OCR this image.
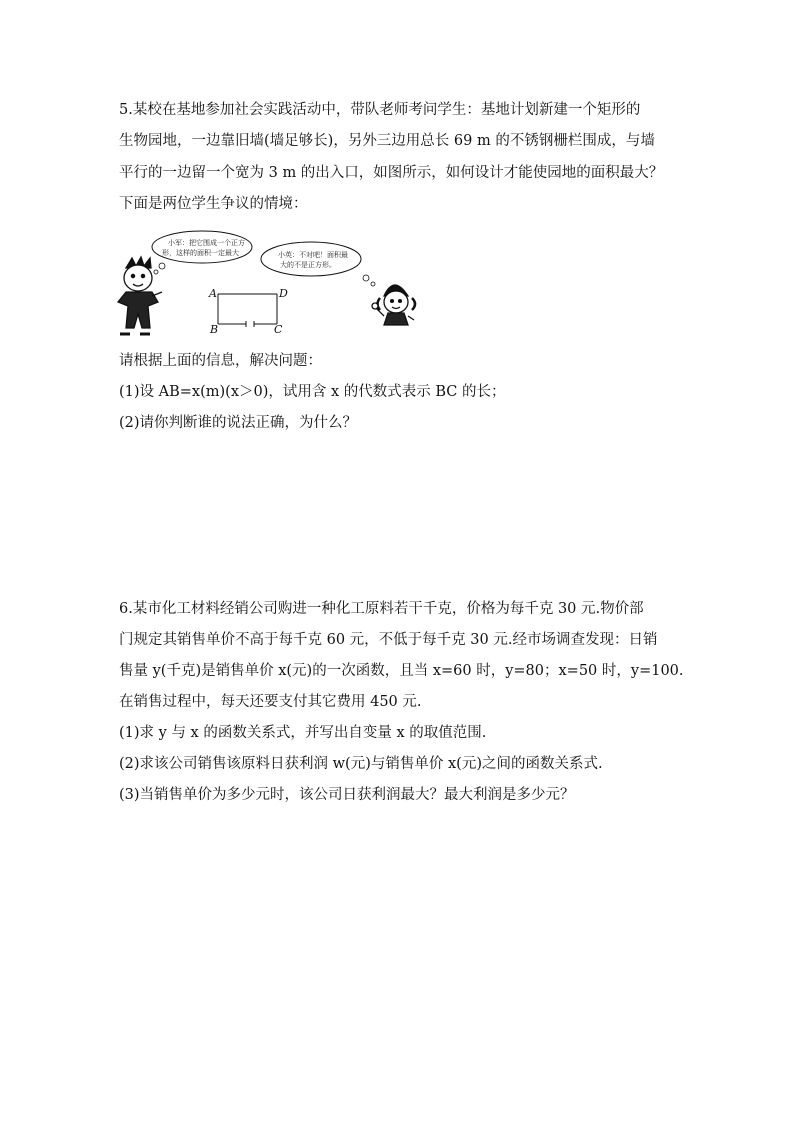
5.某校在基地参加社会实践活动中，带队老师考问学生：基地计划新建一个矩形的
生物园地，一边靠旧墙(墙足够长)，另外三边用总长 69 m 的不锈钢栅栏围成，与墙
平行的一边留一个宽为 3 m 的出入口，如图所示，如何设计才能使园地的面积最大？
下面是两位学生争议的情境：
小军：把它围成一个正方
形，这样的面积一定最大	小英：不对吧！面积最
大的不是正方形。
A	D
B	C
请根据上面的信息，解决问题：
(1)设 AB=x(m)(x＞0)，试用含 x 的代数式表示 BC 的长；
(2)请你判断谁的说法正确，为什么？
6.某市化工材料经销公司购进一种化工原料若干千克，价格为每千克 30 元.物价部
门规定其销售单价不高于每千克 60 元，不低于每千克 30 元.经市场调查发现：日销
售量 y(千克)是销售单价 x(元)的一次函数，且当 x=60 时，y=80；x=50 时，y=100.
在销售过程中，每天还要支付其它费用 450 元.
(1)求 y 与 x 的函数关系式，并写出自变量 x 的取值范围.
(2)求该公司销售该原料日获利润 w(元)与销售单价 x(元)之间的函数关系式.
(3)当销售单价为多少元时，该公司日获利润最大？最大利润是多少元？
